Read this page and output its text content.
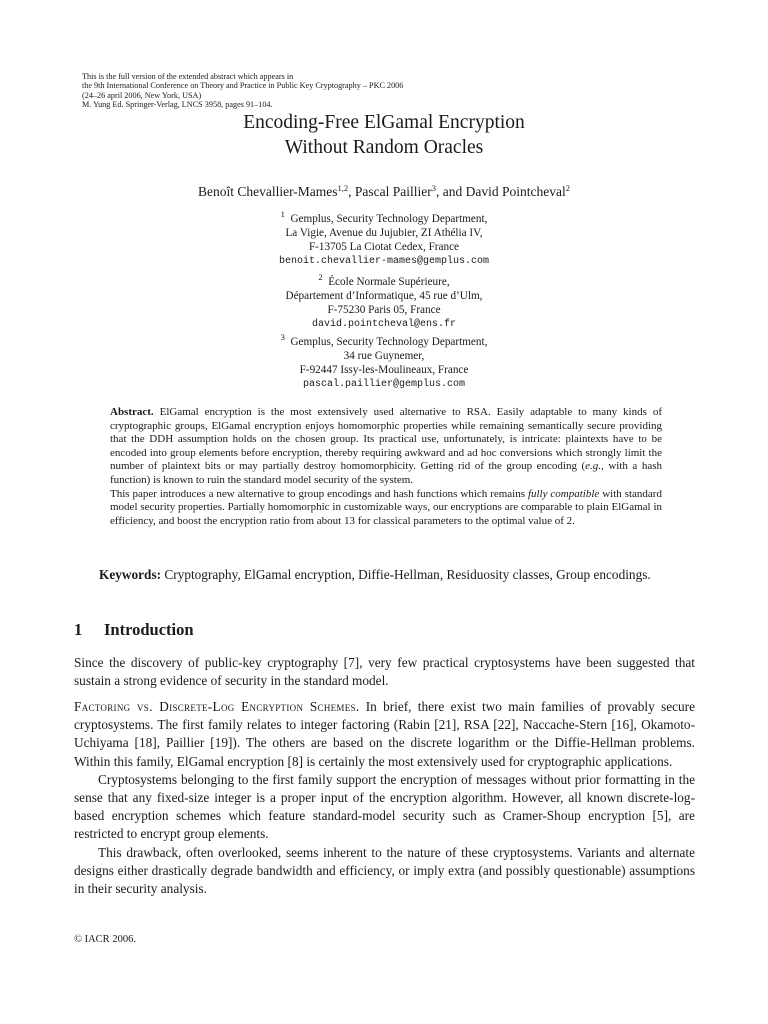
This is the full version of the extended abstract which appears in
the 9th International Conference on Theory and Practice in Public Key Cryptography – PKC 2006
(24–26 april 2006, New York, USA)
M. Yung Ed. Springer-Verlag, LNCS 3958, pages 91–104.
Encoding-Free ElGamal Encryption
Without Random Oracles
Benoît Chevallier-Mames$^{1,2}$, Pascal Paillier$^3$, and David Pointcheval$^2$
$^1$ Gemplus, Security Technology Department,
La Vigie, Avenue du Jujubier, ZI Athélia IV,
F-13705 La Ciotat Cedex, France
benoit.chevallier-mames@gemplus.com
$^2$ École Normale Supérieure,
Département d’Informatique, 45 rue d’Ulm,
F-75230 Paris 05, France
david.pointcheval@ens.fr
$^3$ Gemplus, Security Technology Department,
34 rue Guynemer,
F-92447 Issy-les-Moulineaux, France
pascal.paillier@gemplus.com

Abstract. ElGamal encryption is the most extensively used alternative to RSA. Easily adaptable to many kinds of cryptographic groups, ElGamal encryption enjoys homomorphic properties while remaining semantically secure providing that the DDH assumption holds on the chosen group. Its practical use, unfortunately, is intricate: plaintexts have to be encoded into group elements before encryption, thereby requiring awkward and ad hoc conversions which strongly limit the number of plaintext bits or may partially destroy homomorphicity. Getting rid of the group encoding (e.g., with a hash function) is known to ruin the standard model security of the system.

This paper introduces a new alternative to group encodings and hash functions which remains fully compatible with standard model security properties. Partially homomorphic in customizable ways, our encryptions are comparable to plain ElGamal in efficiency, and boost the encryption ratio from about 13 for classical parameters to the optimal value of 2.

Keywords: Cryptography, ElGamal encryption, Diffie-Hellman, Residuosity classes, Group encodings.
1 Introduction

Since the discovery of public-key cryptography [7], very few practical cryptosystems have been suggested that sustain a strong evidence of security in the standard model.

Factoring vs. Discrete-Log Encryption Schemes. In brief, there exist two main families of provably secure cryptosystems. The first family relates to integer factoring (Rabin [21], RSA [22], Naccache-Stern [16], Okamoto-Uchiyama [18], Paillier [19]). The others are based on the discrete logarithm or the Diffie-Hellman problems. Within this family, ElGamal encryption [8] is certainly the most extensively used for cryptographic applications.

Cryptosystems belonging to the first family support the encryption of messages without prior formatting in the sense that any fixed-size integer is a proper input of the encryption algorithm. However, all known discrete-log-based encryption schemes which feature standard-model security such as Cramer-Shoup encryption [5], are restricted to encrypt group elements.

This drawback, often overlooked, seems inherent to the nature of these cryptosystems. Variants and alternate designs either drastically degrade bandwidth and efficiency, or imply extra (and possibly questionable) assumptions in their security analysis.

© IACR 2006.
